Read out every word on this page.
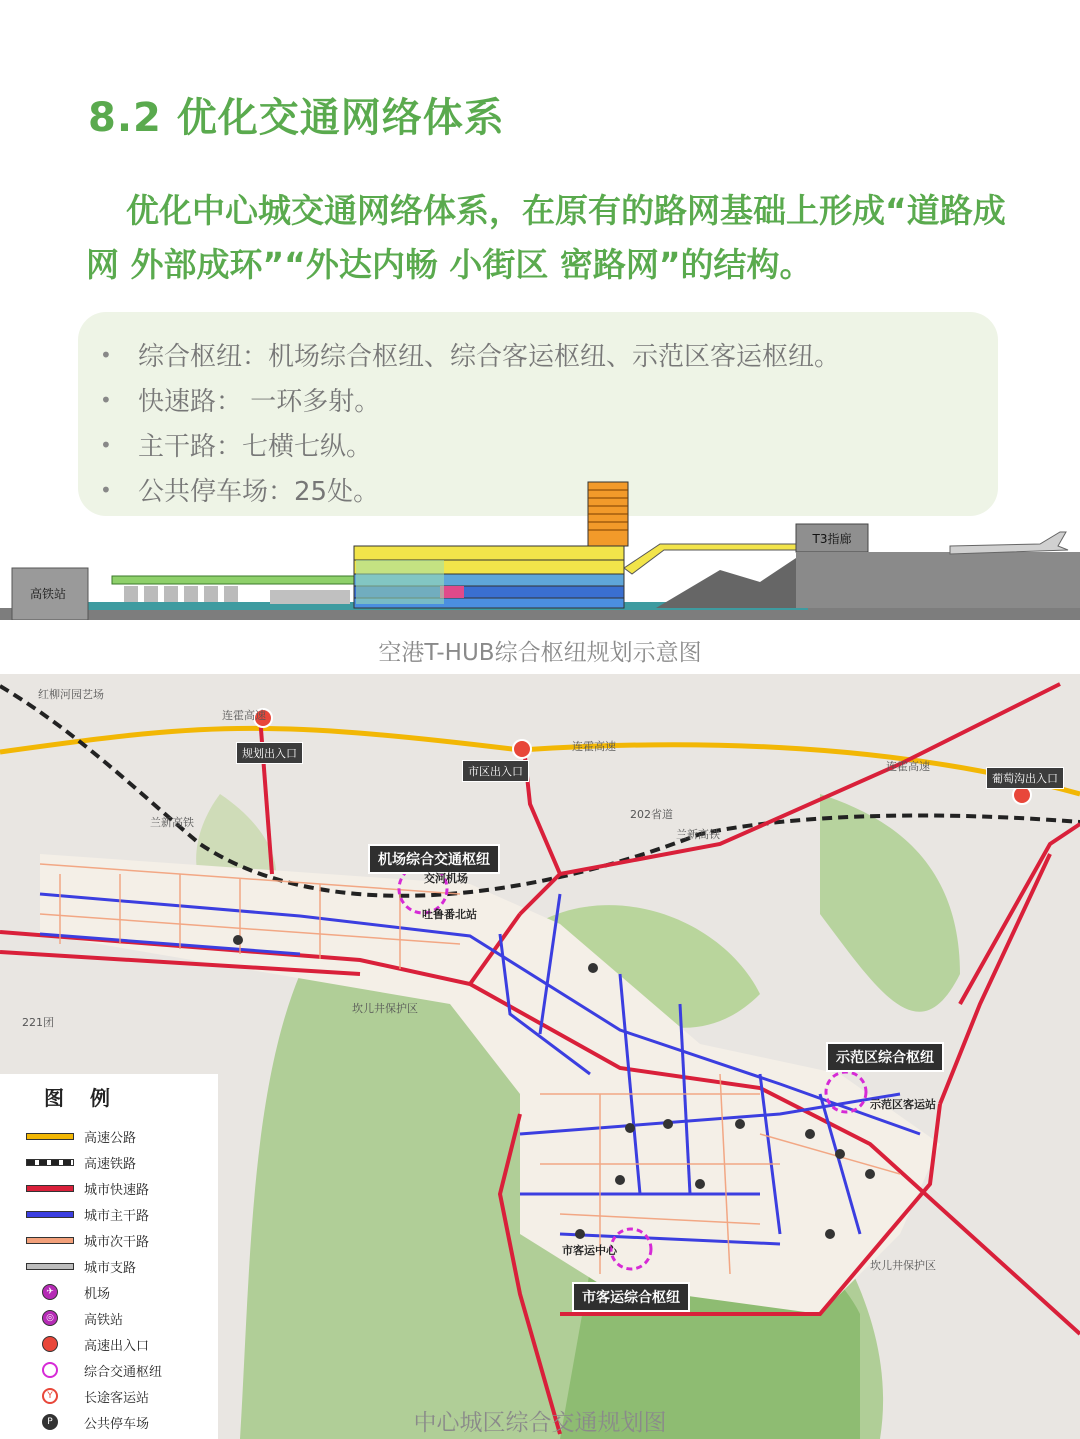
8.2 优化交通网络体系
优化中心城交通网络体系，在原有的路网基础上形成“道路成网 外部成环”“外达内畅 小街区 密路网”的结构。
•	综合枢纽：机场综合枢纽、综合客运枢纽、示范区客运枢纽。
•	快速路： 一环多射。
•	主干路：七横七纵。
•	公共停车场：25处。
高铁站
T3指廊
空港T-HUB综合枢纽规划示意图
规划出入口
市区出入口
葡萄沟出入口
机场综合交通枢纽
示范区综合枢纽
市客运综合枢纽
交河机场
吐鲁番北站
示范区客运站
市客运中心
坎儿井保护区
坎儿井保护区
红柳河园艺场
221团
连霍高速
连霍高速
连霍高速
兰新高铁
兰新高铁
202省道
图例
高速公路
高速铁路
城市快速路
城市主干路
城市次干路
城市支路
✈	机场
◎	高铁站
高速出入口
综合交通枢纽
Y	长途客运站
P	公共停车场	中心城区综合交通规划图
